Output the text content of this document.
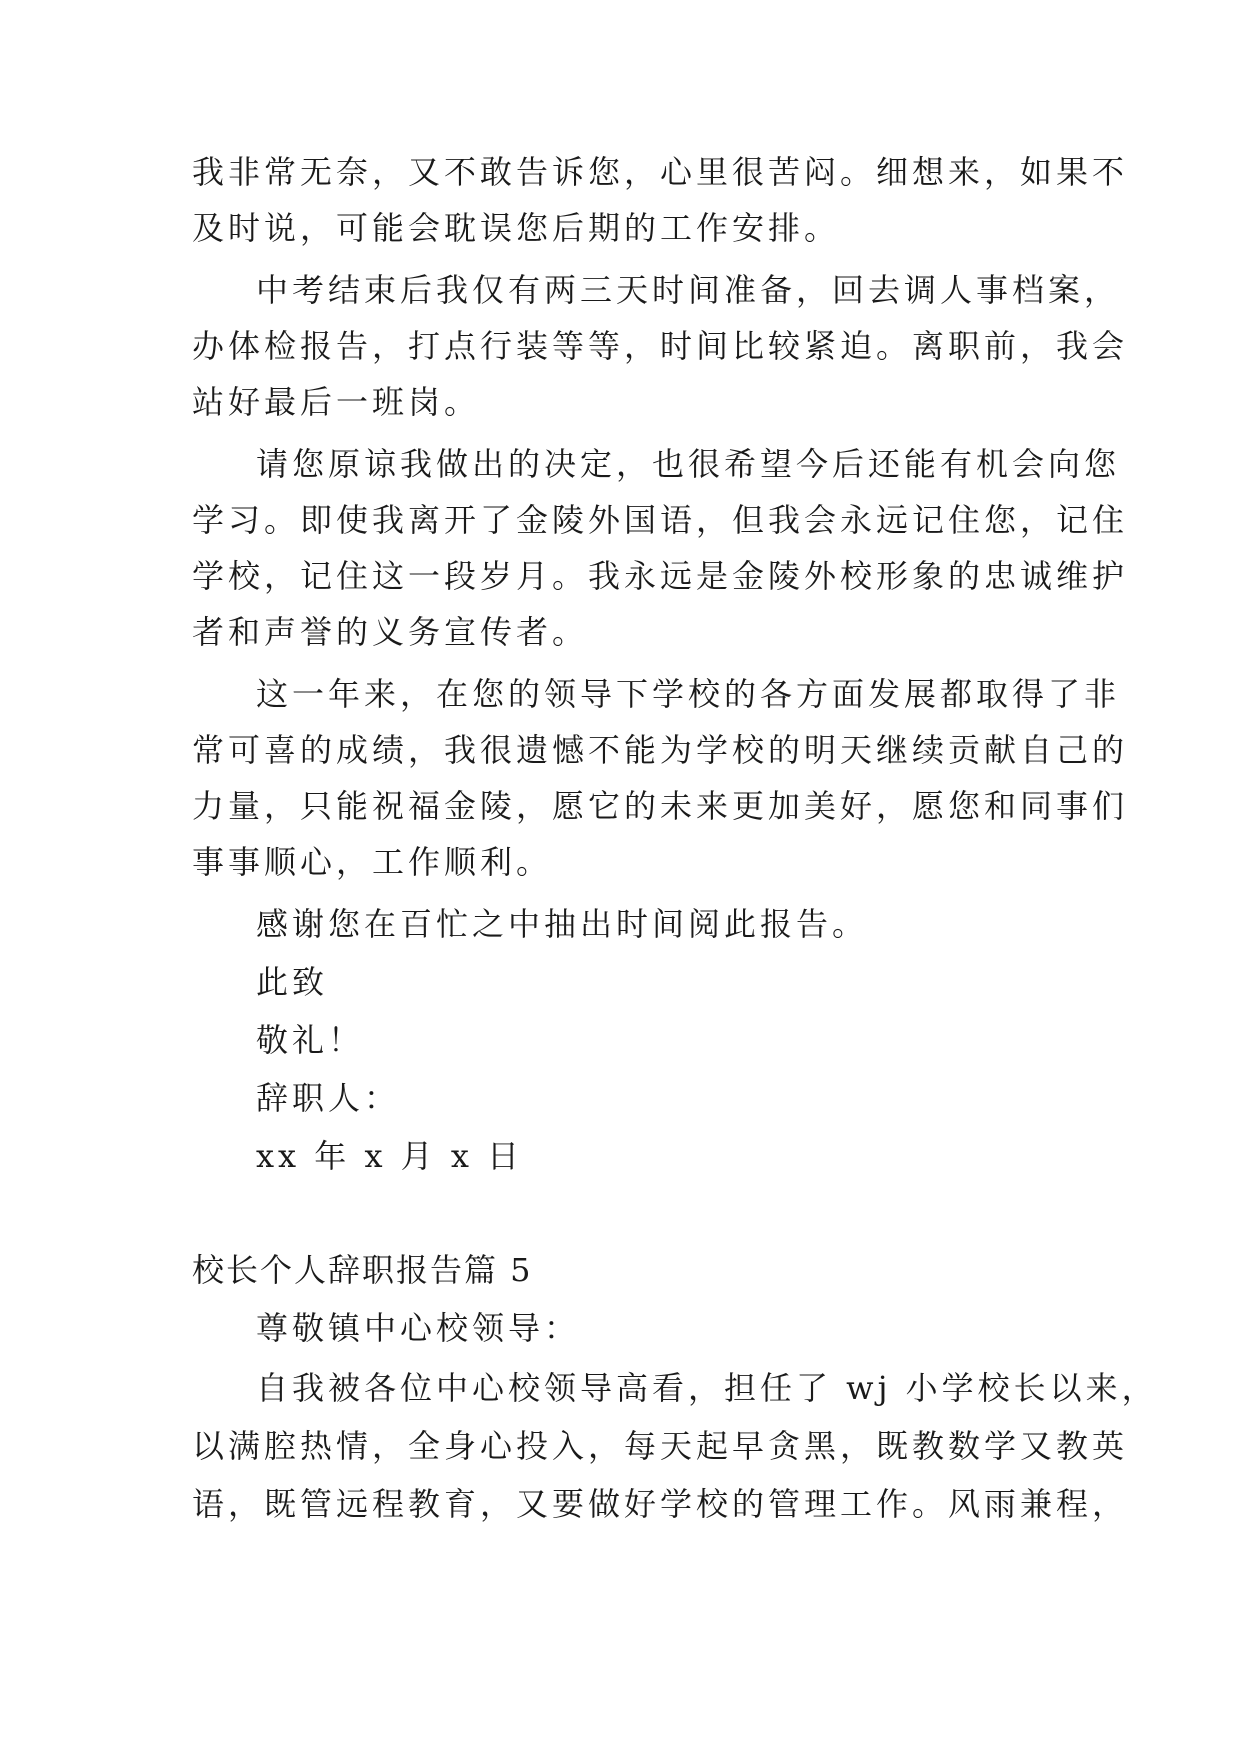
我非常无奈，又不敢告诉您，心里很苦闷。细想来，如果不
及时说，可能会耽误您后期的工作安排。
中考结束后我仅有两三天时间准备，回去调人事档案，
办体检报告，打点行装等等，时间比较紧迫。离职前，我会
站好最后一班岗。
请您原谅我做出的决定，也很希望今后还能有机会向您
学习。即使我离开了金陵外国语，但我会永远记住您，记住
学校，记住这一段岁月。我永远是金陵外校形象的忠诚维护
者和声誉的义务宣传者。
这一年来，在您的领导下学校的各方面发展都取得了非
常可喜的成绩，我很遗憾不能为学校的明天继续贡献自己的
力量，只能祝福金陵，愿它的未来更加美好，愿您和同事们
事事顺心，工作顺利。
感谢您在百忙之中抽出时间阅此报告。
此致
敬礼！
辞职人：
xx 年 x 月 x 日
校长个人辞职报告篇 5
尊敬镇中心校领导：
自我被各位中心校领导高看，担任了 wj 小学校长以来，
以满腔热情，全身心投入，每天起早贪黑，既教数学又教英
语，既管远程教育，又要做好学校的管理工作。风雨兼程，
